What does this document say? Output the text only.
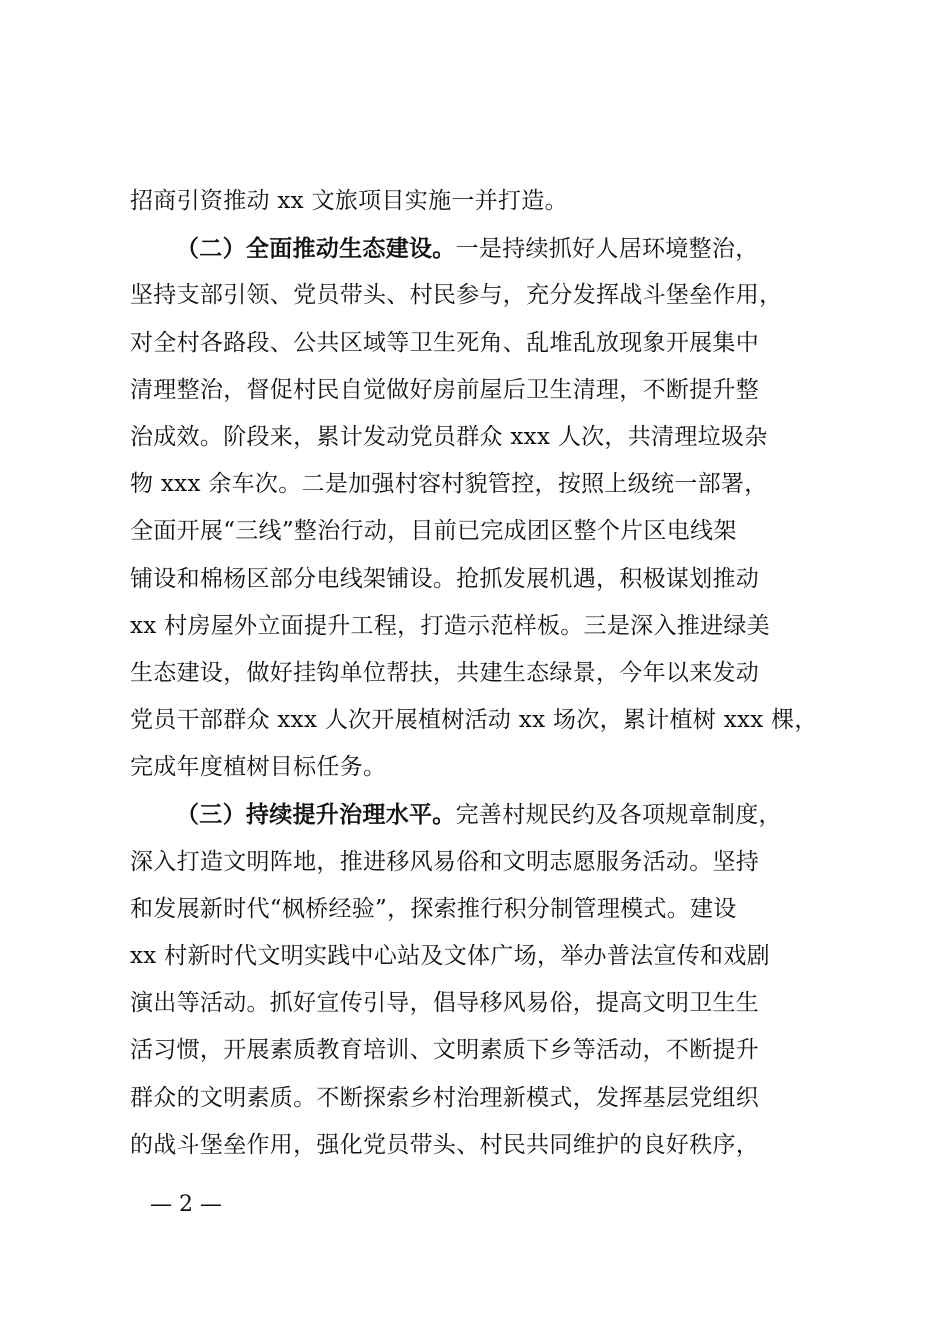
招商引资推动 xx 文旅项目实施一并打造。
（二）全面推动生态建设。一是持续抓好人居环境整治，
坚持支部引领、党员带头、村民参与，充分发挥战斗堡垒作用，
对全村各路段、公共区域等卫生死角、乱堆乱放现象开展集中
清理整治，督促村民自觉做好房前屋后卫生清理，不断提升整
治成效。阶段来，累计发动党员群众 xxx 人次，共清理垃圾杂
物 xxx 余车次。二是加强村容村貌管控，按照上级统一部署，
全面开展“三线”整治行动，目前已完成团区整个片区电线架
铺设和棉杨区部分电线架铺设。抢抓发展机遇，积极谋划推动
xx 村房屋外立面提升工程，打造示范样板。三是深入推进绿美
生态建设，做好挂钩单位帮扶，共建生态绿景，今年以来发动
党员干部群众 xxx 人次开展植树活动 xx 场次，累计植树 xxx 棵，
完成年度植树目标任务。
（三）持续提升治理水平。完善村规民约及各项规章制度，
深入打造文明阵地，推进移风易俗和文明志愿服务活动。坚持
和发展新时代“枫桥经验”，探索推行积分制管理模式。建设
xx 村新时代文明实践中心站及文体广场，举办普法宣传和戏剧
演出等活动。抓好宣传引导，倡导移风易俗，提高文明卫生生
活习惯，开展素质教育培训、文明素质下乡等活动，不断提升
群众的文明素质。不断探索乡村治理新模式，发挥基层党组织
的战斗堡垒作用，强化党员带头、村民共同维护的良好秩序，
— 2 —
